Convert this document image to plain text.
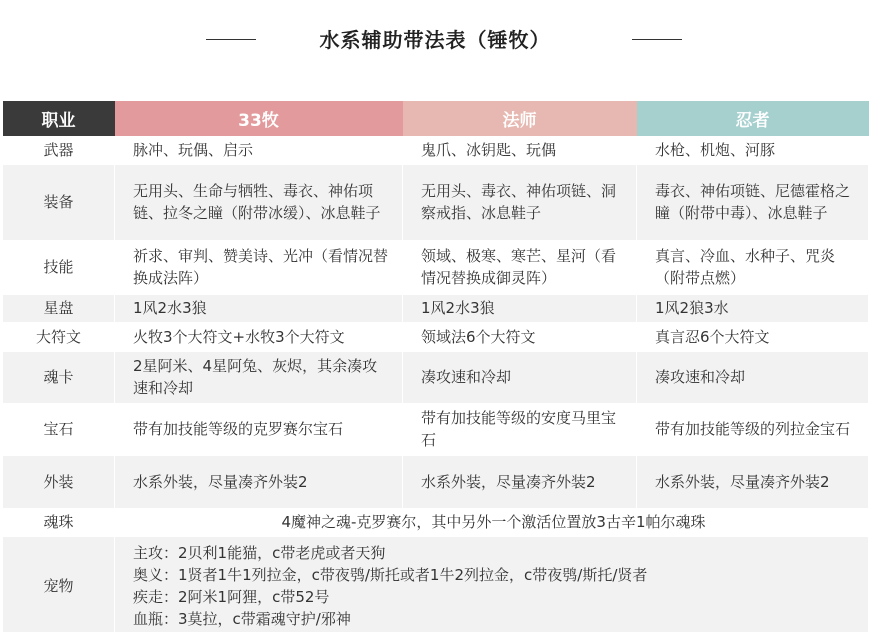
水系辅助带法表（锤牧）
职业	33牧	法师	忍者
武器	脉冲、玩偶、启示	鬼爪、冰钥匙、玩偶	水枪、机炮、河豚
装备	无用头、生命与牺牲、毒衣、神佑项链、拉冬之瞳（附带冰缓）、冰息鞋子	无用头、毒衣、神佑项链、洞察戒指、冰息鞋子	毒衣、神佑项链、尼德霍格之瞳（附带中毒）、冰息鞋子
技能	祈求、审判、赞美诗、光冲（看情况替换成法阵）	领域、极寒、寒芒、星河（看情况替换成御灵阵）	真言、冷血、水种子、咒炎（附带点燃）
星盘	1风2水3狼	1风2水3狼	1风2狼3水
大符文	火牧3个大符文+水牧3个大符文	领域法6个大符文	真言忍6个大符文
魂卡	2星阿米、4星阿兔、灰烬，其余凑攻速和冷却	凑攻速和冷却	凑攻速和冷却
宝石	带有加技能等级的克罗赛尔宝石	带有加技能等级的安度马里宝石	带有加技能等级的列拉金宝石
外装	水系外装，尽量凑齐外装2	水系外装，尽量凑齐外装2	水系外装，尽量凑齐外装2
魂珠	4魔神之魂-克罗赛尔，其中另外一个激活位置放3古辛1帕尔魂珠		
宠物	主攻：2贝利1能猫，c带老虎或者天狗

奥义：1贤者1牛1列拉金，c带夜鸮/斯托或者1牛2列拉金，c带夜鸮/斯托/贤者

疾走：2阿米1阿狸，c带52号

血瓶：3莫拉，c带霜魂守护/邪神		
